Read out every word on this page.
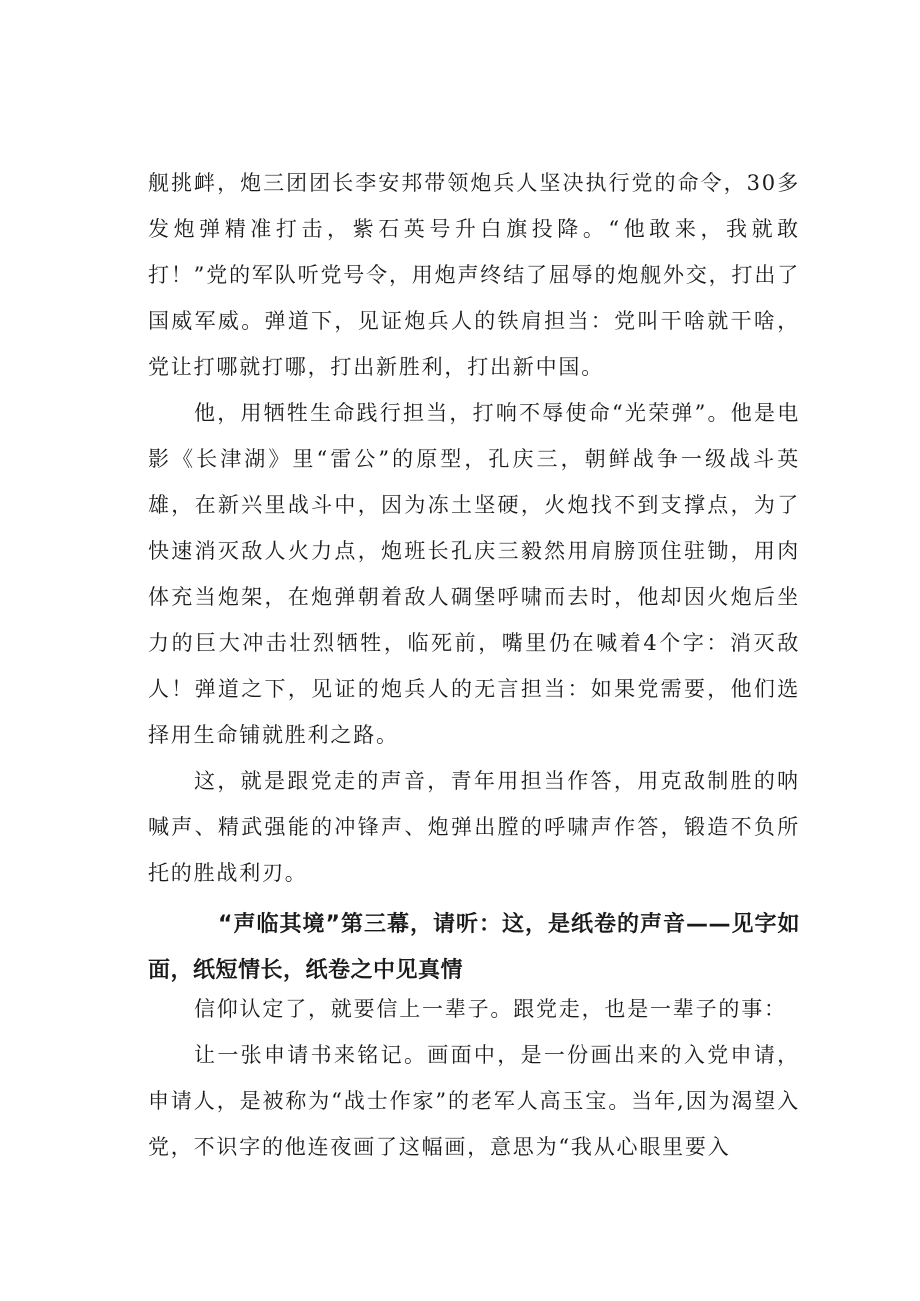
舰挑衅，炮三团团长李安邦带领炮兵人坚决执行党的命令，30多发炮弹精准打击，紫石英号升白旗投降。“他敢来，我就敢打！”党的军队听党号令，用炮声终结了屈辱的炮舰外交，打出了国威军威。弹道下，见证炮兵人的铁肩担当：党叫干啥就干啥，党让打哪就打哪，打出新胜利，打出新中国。

他，用牺牲生命践行担当，打响不辱使命“光荣弹”。他是电影《长津湖》里“雷公”的原型，孔庆三，朝鲜战争一级战斗英雄，在新兴里战斗中，因为冻土坚硬，火炮找不到支撑点，为了快速消灭敌人火力点，炮班长孔庆三毅然用肩膀顶住驻锄，用肉体充当炮架，在炮弹朝着敌人碉堡呼啸而去时，他却因火炮后坐力的巨大冲击壮烈牺牲，临死前，嘴里仍在喊着4个字：消灭敌人！弹道之下，见证的炮兵人的无言担当：如果党需要，他们选择用生命铺就胜利之路。

这，就是跟党走的声音，青年用担当作答，用克敌制胜的呐喊声、精武强能的冲锋声、炮弹出膛的呼啸声作答，锻造不负所托的胜战利刃。

“声临其境”第三幕，请听：这，是纸卷的声音——见字如面，纸短情长，纸卷之中见真情

信仰认定了，就要信上一辈子。跟党走，也是一辈子的事：

让一张申请书来铭记。画面中，是一份画出来的入党申请，申请人，是被称为“战士作家”的老军人高玉宝。当年,因为渴望入党，不识字的他连夜画了这幅画，意思为“我从心眼里要入
